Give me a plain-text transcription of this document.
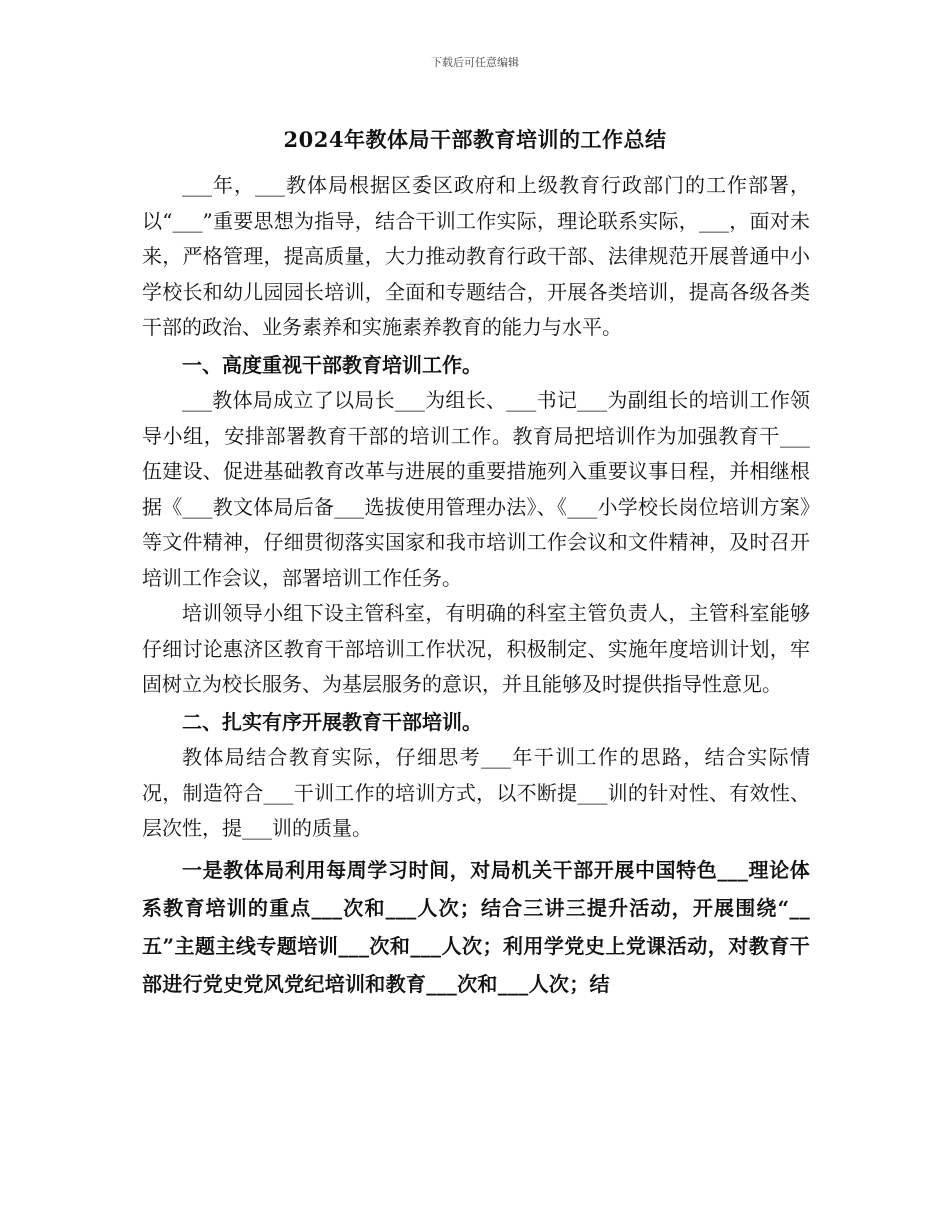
下载后可任意编辑
2024年教体局干部教育培训的工作总结

___年，___教体局根据区委区政府和上级教育行政部门的工作部署，以“___”重要思想为指导，结合干训工作实际，理论联系实际，___，面对未来，严格管理，提高质量，大力推动教育行政干部、法律规范开展普通中小学校长和幼儿园园长培训，全面和专题结合，开展各类培训，提高各级各类干部的政治、业务素养和实施素养教育的能力与水平。

一、高度重视干部教育培训工作。

___教体局成立了以局长___为组长、___书记___为副组长的培训工作领导小组，安排部署教育干部的培训工作。教育局把培训作为加强教育干___伍建设、促进基础教育改革与进展的重要措施列入重要议事日程，并相继根据《___教文体局后备___选拔使用管理办法》、《___小学校长岗位培训方案》等文件精神，仔细贯彻落实国家和我市培训工作会议和文件精神，及时召开培训工作会议，部署培训工作任务。

培训领导小组下设主管科室，有明确的科室主管负责人，主管科室能够仔细讨论惠济区教育干部培训工作状况，积极制定、实施年度培训计划，牢固树立为校长服务、为基层服务的意识，并且能够及时提供指导性意见。

二、扎实有序开展教育干部培训。

教体局结合教育实际，仔细思考___年干训工作的思路，结合实际情况，制造符合___干训工作的培训方式，以不断提___训的针对性、有效性、层次性，提___训的质量。

一是教体局利用每周学习时间，对局机关干部开展中国特色___理论体系教育培训的重点___次和___人次；结合三讲三提升活动，开展围绕“__五”主题主线专题培训___次和___人次；利用学党史上党课活动，对教育干部进行党史党风党纪培训和教育___次和___人次；结
